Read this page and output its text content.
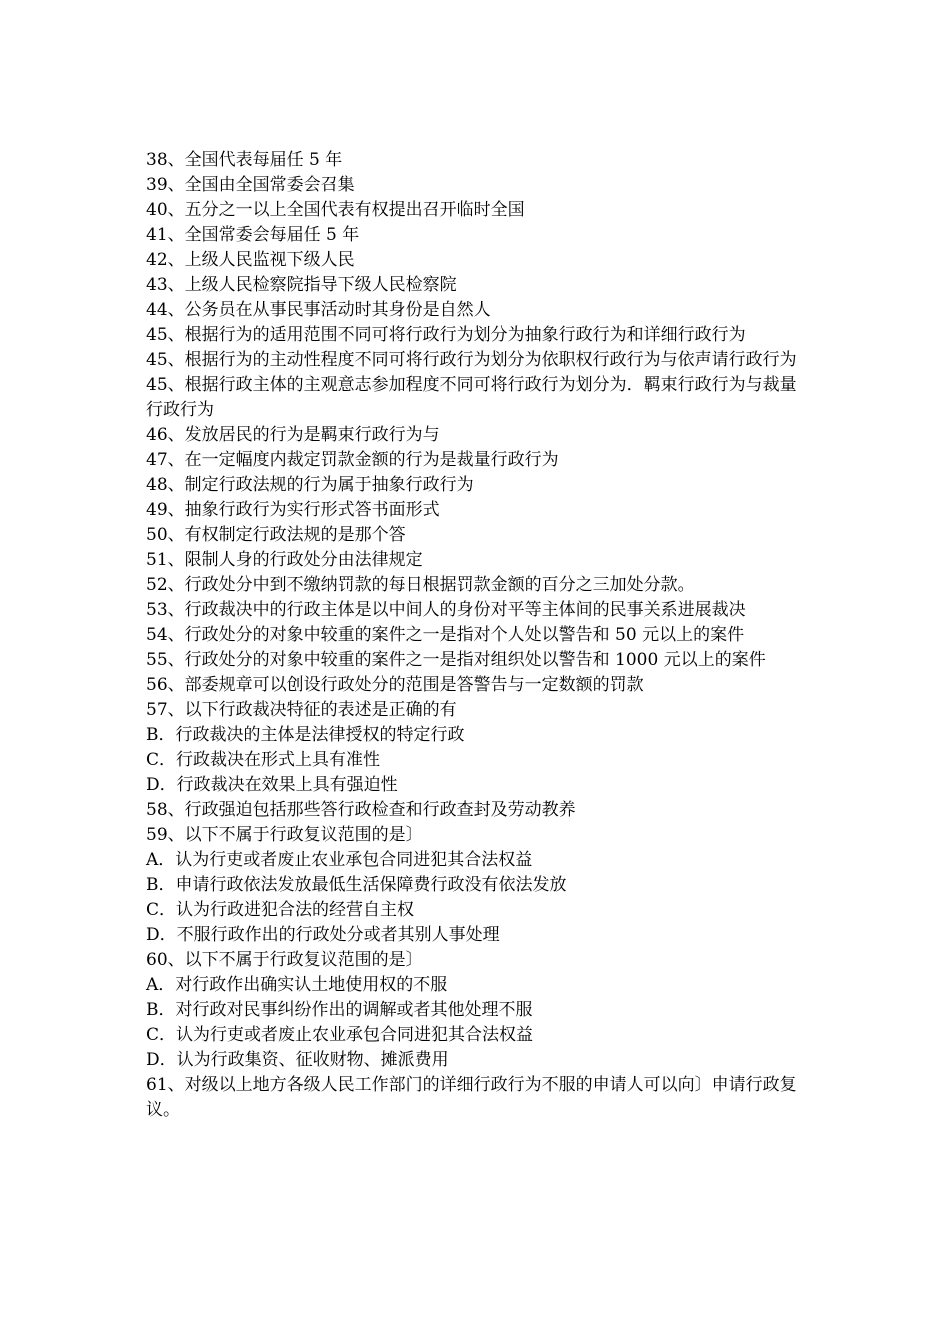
38、全国代表每届任 5 年

39、全国由全国常委会召集

40、五分之一以上全国代表有权提出召开临时全国

41、全国常委会每届任 5 年

42、上级人民监视下级人民

43、上级人民检察院指导下级人民检察院

44、公务员在从事民事活动时其身份是自然人

45、根据行为的适用范围不同可将行政行为划分为抽象行政行为和详细行政行为

45、根据行为的主动性程度不同可将行政行为划分为依职权行政行为与依声请行政行为

45、根据行政主体的主观意志参加程度不同可将行政行为划分为．羁束行政行为与裁量行政行为

46、发放居民的行为是羁束行政行为与

47、在一定幅度内裁定罚款金额的行为是裁量行政行为

48、制定行政法规的行为属于抽象行政行为

49、抽象行政行为实行形式答书面形式

50、有权制定行政法规的是那个答

51、限制人身的行政处分由法律规定

52、行政处分中到不缴纳罚款的每日根据罚款金额的百分之三加处分款。

53、行政裁决中的行政主体是以中间人的身份对平等主体间的民事关系进展裁决

54、行政处分的对象中较重的案件之一是指对个人处以警告和 50 元以上的案件

55、行政处分的对象中较重的案件之一是指对组织处以警告和 1000 元以上的案件

56、部委规章可以创设行政处分的范围是答警告与一定数额的罚款

57、以下行政裁决特征的表述是正确的有

B．行政裁决的主体是法律授权的特定行政

C．行政裁决在形式上具有准性

D．行政裁决在效果上具有强迫性

58、行政强迫包括那些答行政检查和行政查封及劳动教养

59、以下不属于行政复议范围的是〕

A．认为行吏或者废止农业承包合同进犯其合法权益

B．申请行政依法发放最低生活保障费行政没有依法发放

C．认为行政进犯合法的经营自主权

D．不服行政作出的行政处分或者其别人事处理

60、以下不属于行政复议范围的是〕

A．对行政作出确实认土地使用权的不服

B．对行政对民事纠纷作出的调解或者其他处理不服

C．认为行吏或者废止农业承包合同进犯其合法权益

D．认为行政集资、征收财物、摊派费用

61、对级以上地方各级人民工作部门的详细行政行为不服的申请人可以向〕申请行政复议。
